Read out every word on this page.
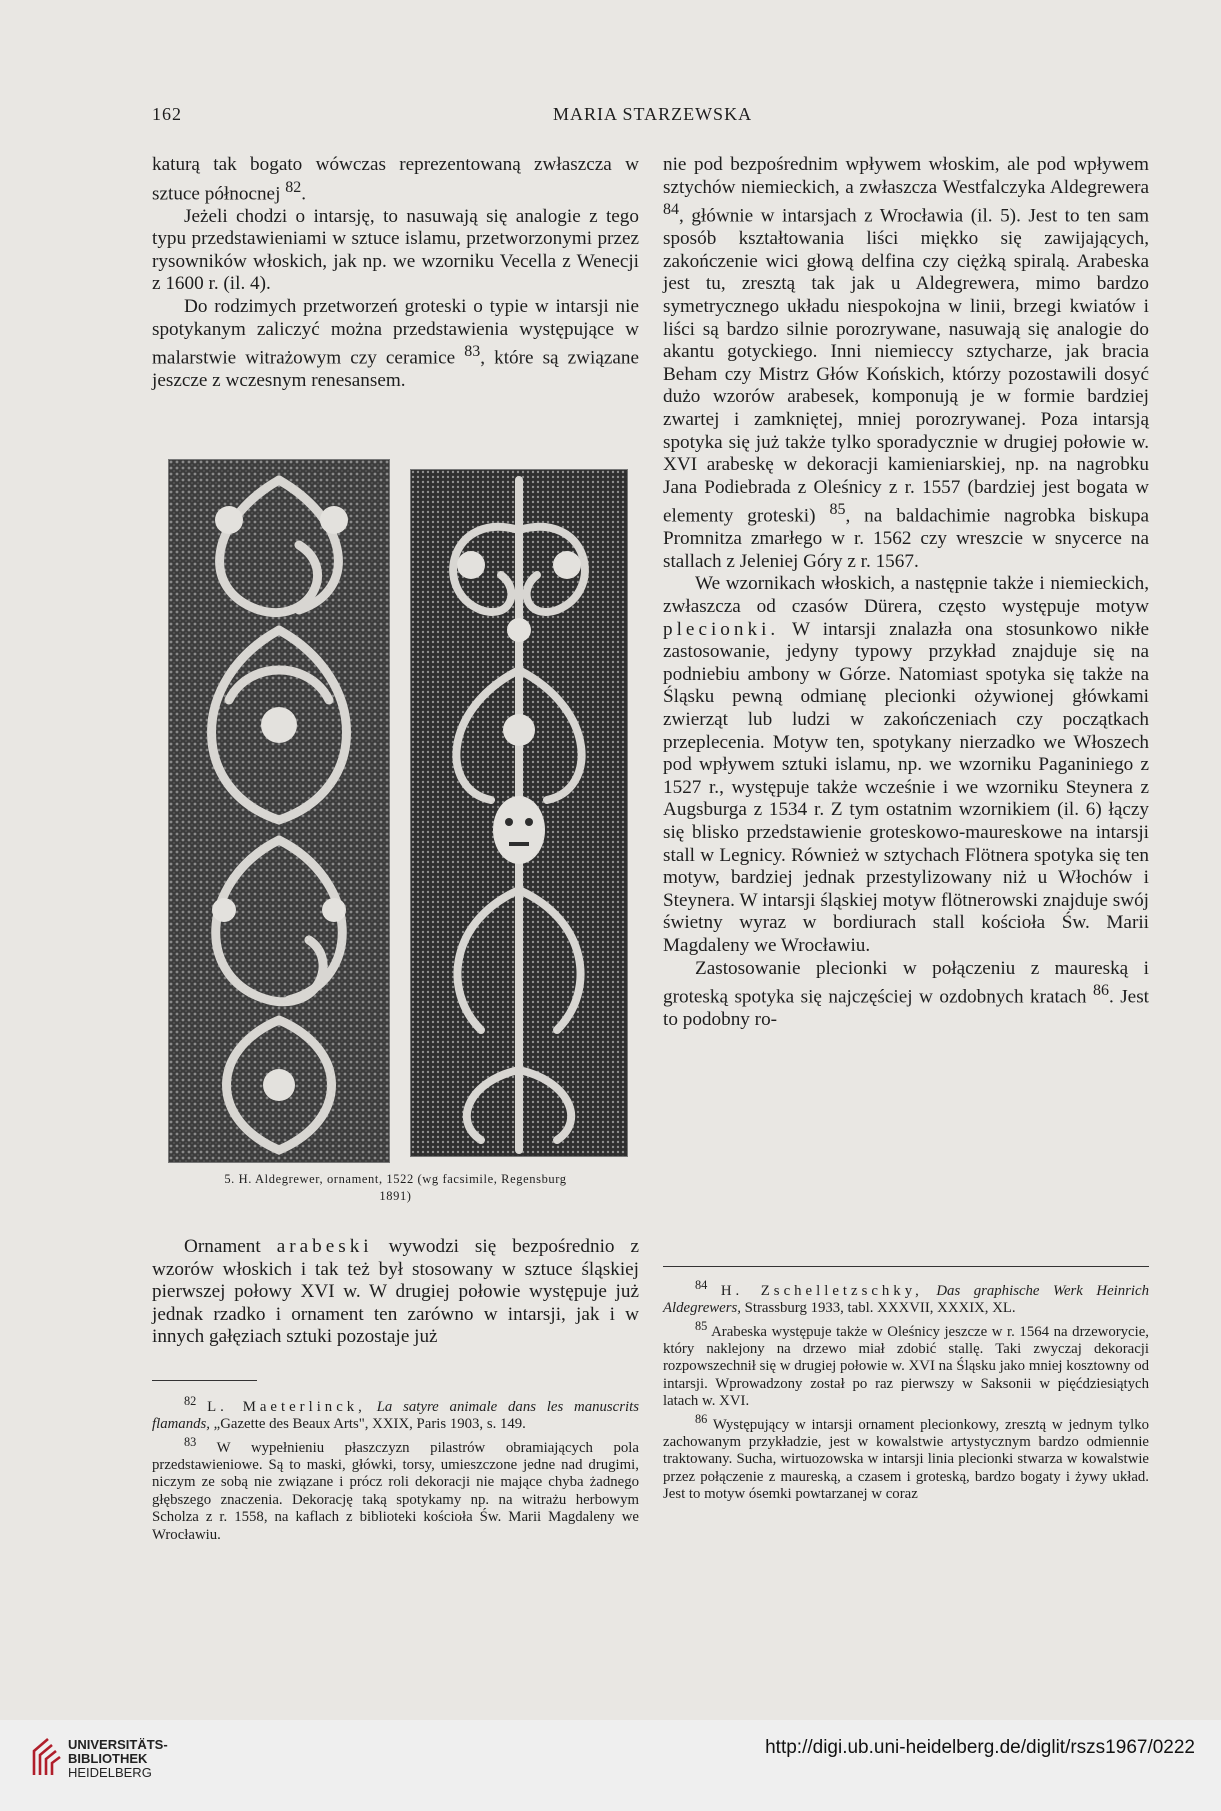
162	MARIA STARZEWSKA

katurą tak bogato wówczas reprezentowaną zwłaszcza w sztuce północnej $^{82}$.

Jeżeli chodzi o intarsję, to nasuwają się analogie z tego typu przedstawieniami w sztuce islamu, przetworzonymi przez rysowników włoskich, jak np. we wzorniku Vecella z Wenecji z 1600 r. (il. 4).

Do rodzimych przetworzeń groteski o typie w intarsji nie spotykanym zaliczyć można przedstawienia występujące w malarstwie witrażowym czy ceramice $^{83}$, które są związane jeszcze z wczesnym renesansem.

5. H. Aldegrewer, ornament, 1522 (wg facsimile, Regensburg
1891)

Ornament arabeski wywodzi się bezpośrednio z wzorów włoskich i tak też był stosowany w sztuce śląskiej pierwszej połowy XVI w. W drugiej połowie występuje już jednak rzadko i ornament ten zarówno w intarsji, jak i w innych gałęziach sztuki pozostaje już

$^{82}$ L. Maeterlinck, La satyre animale dans les manuscrits flamands, „Gazette des Beaux Arts", XXIX, Paris 1903, s. 149.

$^{83}$ W wypełnieniu płaszczyzn pilastrów obramiających pola przedstawieniowe. Są to maski, główki, torsy, umieszczone jedne nad drugimi, niczym ze sobą nie związane i prócz roli dekoracji nie mające chyba żadnego głębszego znaczenia. Dekorację taką spotykamy np. na witrażu herbowym Scholza z r. 1558, na kaflach z biblioteki kościoła Św. Marii Magdaleny we Wrocławiu.

nie pod bezpośrednim wpływem włoskim, ale pod wpływem sztychów niemieckich, a zwłaszcza Westfalczyka Aldegrewera $^{84}$, głównie w intarsjach z Wrocławia (il. 5). Jest to ten sam sposób kształtowania liści miękko się zawijających, zakończenie wici głową delfina czy ciężką spiralą. Arabeska jest tu, zresztą tak jak u Aldegrewera, mimo bardzo symetrycznego układu niespokojna w linii, brzegi kwiatów i liści są bardzo silnie porozrywane, nasuwają się analogie do akantu gotyckiego. Inni niemieccy sztycharze, jak bracia Beham czy Mistrz Głów Końskich, którzy pozostawili dosyć dużo wzorów arabesek, komponują je w formie bardziej zwartej i zamkniętej, mniej porozrywanej. Poza intarsją spotyka się już także tylko sporadycznie w drugiej połowie w. XVI arabeskę w dekoracji kamieniarskiej, np. na nagrobku Jana Podiebrada z Oleśnicy z r. 1557 (bardziej jest bogata w elementy groteski) $^{85}$, na baldachimie nagrobka biskupa Promnitza zmarłego w r. 1562 czy wreszcie w snycerce na stallach z Jeleniej Góry z r. 1567.

We wzornikach włoskich, a następnie także i niemieckich, zwłaszcza od czasów Dürera, często występuje motyw plecionki. W intarsji znalazła ona stosunkowo nikłe zastosowanie, jedyny typowy przykład znajduje się na podniebiu ambony w Górze. Natomiast spotyka się także na Śląsku pewną odmianę plecionki ożywionej główkami zwierząt lub ludzi w zakończeniach czy początkach przeplecenia. Motyw ten, spotykany nierzadko we Włoszech pod wpływem sztuki islamu, np. we wzorniku Paganiniego z 1527 r., występuje także wcześnie i we wzorniku Steynera z Augsburga z 1534 r. Z tym ostatnim wzornikiem (il. 6) łączy się blisko przedstawienie groteskowo-maureskowe na intarsji stall w Legnicy. Również w sztychach Flötnera spotyka się ten motyw, bardziej jednak przestylizowany niż u Włochów i Steynera. W intarsji śląskiej motyw flötnerowski znajduje swój świetny wyraz w bordiurach stall kościoła Św. Marii Magdaleny we Wrocławiu.

Zastosowanie plecionki w połączeniu z maureską i groteską spotyka się najczęściej w ozdobnych kratach $^{86}$. Jest to podobny ro-

$^{84}$ H. Zschelletzschky, Das graphische Werk Heinrich Aldegrewers, Strassburg 1933, tabl. XXXVII, XXXIX, XL.

$^{85}$ Arabeska występuje także w Oleśnicy jeszcze w r. 1564 na drzeworycie, który naklejony na drzewo miał zdobić stallę. Taki zwyczaj dekoracji rozpowszechnił się w drugiej połowie w. XVI na Śląsku jako mniej kosztowny od intarsji. Wprowadzony został po raz pierwszy w Saksonii w pięćdziesiątych latach w. XVI.

$^{86}$ Występujący w intarsji ornament plecionkowy, zresztą w jednym tylko zachowanym przykładzie, jest w kowalstwie artystycznym bardzo odmiennie traktowany. Sucha, wirtuozowska w intarsji linia plecionki stwarza w kowalstwie przez połączenie z maureską, a czasem i groteską, bardzo bogaty i żywy układ. Jest to motyw ósemki powtarzanej w coraz

UNIVERSITÄTS-
BIBLIOTHEK
HEIDELBERG
http://digi.ub.uni-heidelberg.de/diglit/rszs1967/0222
